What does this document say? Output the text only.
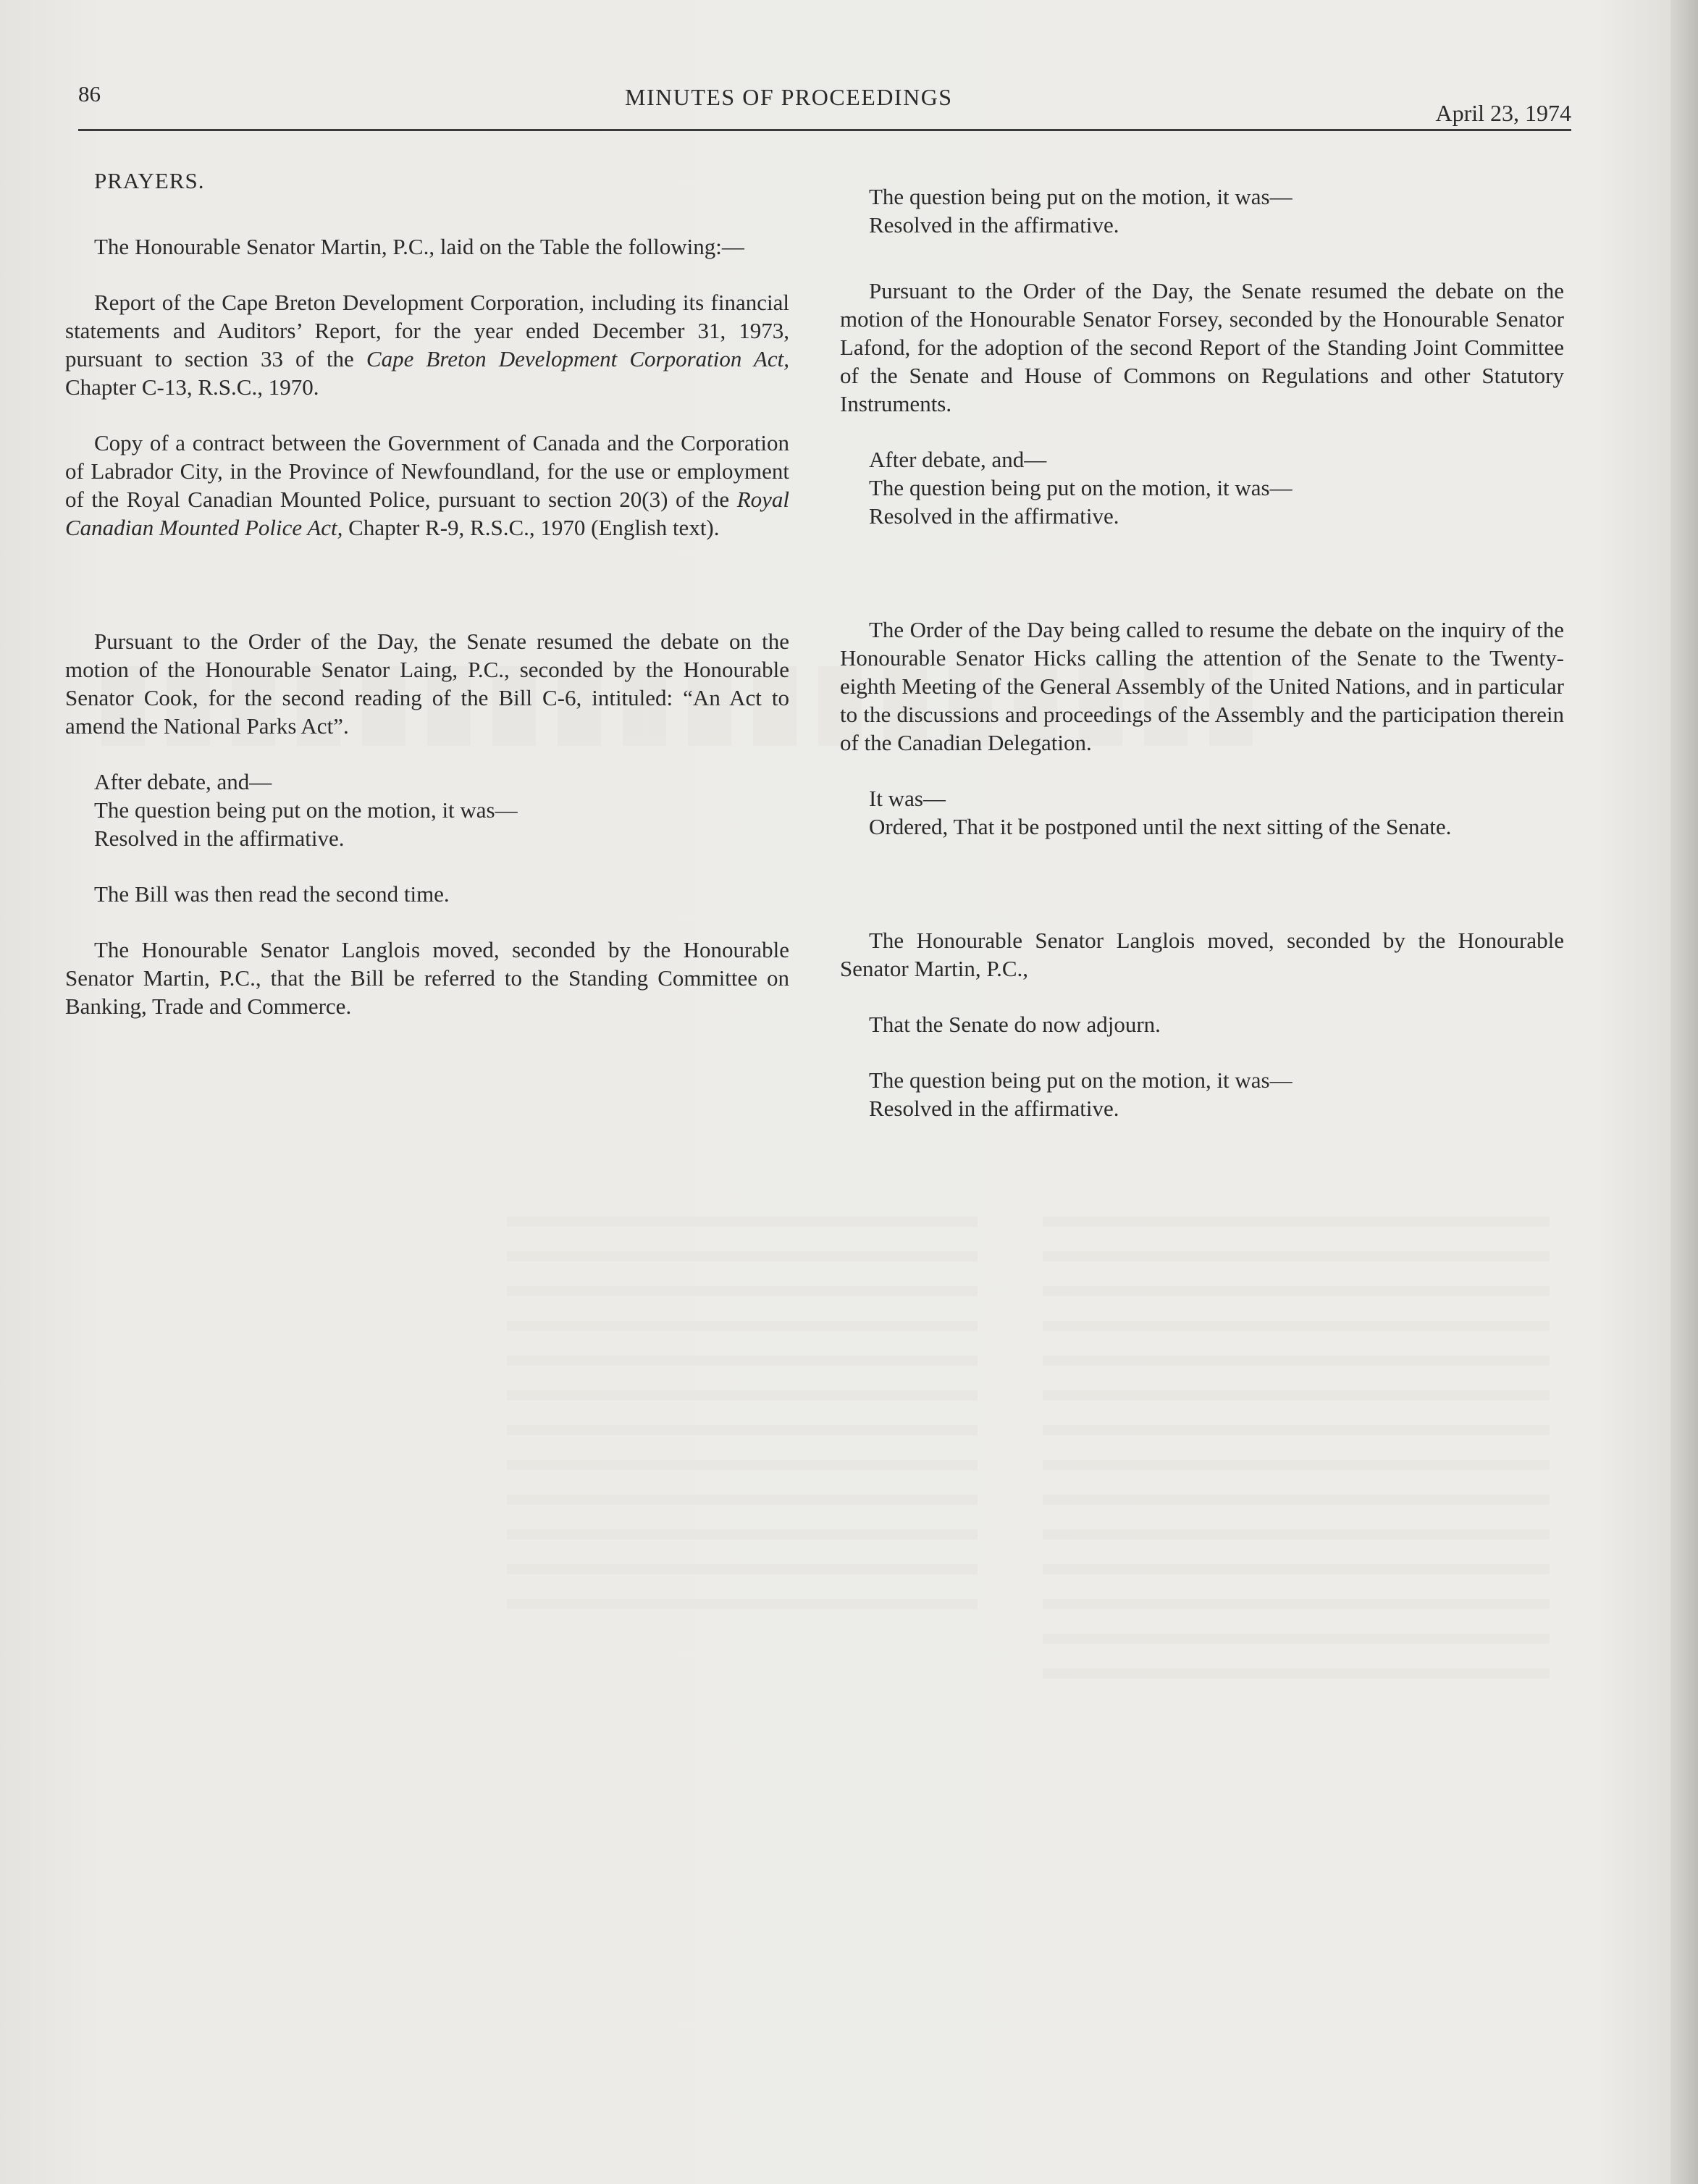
86	MINUTES OF PROCEEDINGS
April 23, 1974

PRAYERS.

The Honourable Senator Martin, P.C., laid on the Table the following:—

Report of the Cape Breton Development Corporation, including its financial statements and Auditors’ Report, for the year ended December 31, 1973, pursuant to section 33 of the Cape Breton Development Corporation Act, Chapter C-13, R.S.C., 1970.

Copy of a contract between the Government of Canada and the Corporation of Labrador City, in the Province of Newfoundland, for the use or employment of the Royal Canadian Mounted Police, pursuant to section 20(3) of the Royal Canadian Mounted Police Act, Chapter R-9, R.S.C., 1970 (English text).

Pursuant to the Order of the Day, the Senate resumed the debate on the motion of the Honourable Senator Laing, P.C., seconded by the Honourable Senator Cook, for the second reading of the Bill C-6, intituled: “An Act to amend the National Parks Act”.

After debate, and—

The question being put on the motion, it was—

Resolved in the affirmative.

The Bill was then read the second time.

The Honourable Senator Langlois moved, seconded by the Honourable Senator Martin, P.C., that the Bill be referred to the Standing Committee on Banking, Trade and Commerce.

The question being put on the motion, it was—

Resolved in the affirmative.

Pursuant to the Order of the Day, the Senate resumed the debate on the motion of the Honourable Senator Forsey, seconded by the Honourable Senator Lafond, for the adoption of the second Report of the Standing Joint Committee of the Senate and House of Commons on Regulations and other Statutory Instruments.

After debate, and—

The question being put on the motion, it was—

Resolved in the affirmative.

The Order of the Day being called to resume the debate on the inquiry of the Honourable Senator Hicks calling the attention of the Senate to the Twenty-eighth Meeting of the General Assembly of the United Nations, and in particular to the discussions and proceedings of the Assembly and the participation therein of the Canadian Delegation.

It was—

Ordered, That it be postponed until the next sitting of the Senate.

The Honourable Senator Langlois moved, seconded by the Honourable Senator Martin, P.C.,

That the Senate do now adjourn.

The question being put on the motion, it was—

Resolved in the affirmative.
